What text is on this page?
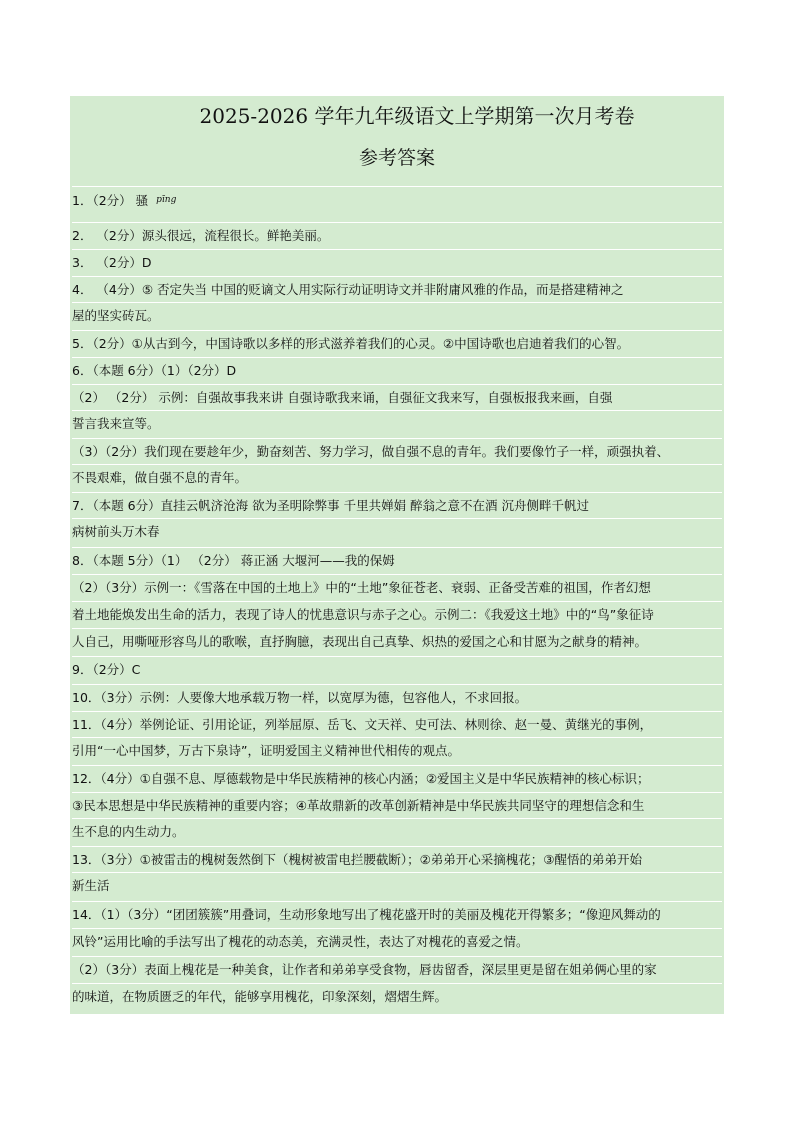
2025-2026 学年九年级语文上学期第一次月考卷
参考答案
1．（2分） 骚 $^{pīng}$
2． （2分）源头很远，流程很长。鲜艳美丽。
3． （2分）D
4． （4分）⑤ 否定失当 中国的贬谪文人用实际行动证明诗文并非附庸风雅的作品，而是搭建精神之
屋的坚实砖瓦。
5．（2分）①从古到今，中国诗歌以多样的形式滋养着我们的心灵。②中国诗歌也启迪着我们的心智。
6．（本题 6分）（1）（2分）D
（2） （2分） 示例：自强故事我来讲 自强诗歌我来诵，自强征文我来写，自强板报我来画，自强
誓言我来宣等。
（3）（2分）我们现在要趁年少，勤奋刻苦、努力学习，做自强不息的青年。我们要像竹子一样，顽强执着、
不畏艰难，做自强不息的青年。
7．（本题 6分）直挂云帆济沧海 欲为圣明除弊事 千里共婵娟 醉翁之意不在酒 沉舟侧畔千帆过
病树前头万木春
8．（本题 5分）（1） （2分） 蒋正涵 大堰河——我的保姆
（2）（3分）示例一：《雪落在中国的土地上》中的“土地”象征苍老、衰弱、正备受苦难的祖国，作者幻想
着土地能焕发出生命的活力，表现了诗人的忧患意识与赤子之心。示例二：《我爱这土地》中的“鸟”象征诗
人自己，用嘶哑形容鸟儿的歌喉，直抒胸臆，表现出自己真挚、炽热的爱国之心和甘愿为之献身的精神。
9．（2分）C
10．（3分）示例：人要像大地承载万物一样，以宽厚为德，包容他人，不求回报。
11．（4分）举例论证、引用论证，列举屈原、岳飞、文天祥、史可法、林则徐、赵一曼、黄继光的事例，
引用“一心中国梦，万古下泉诗”，证明爱国主义精神世代相传的观点。
12．（4分）①自强不息、厚德载物是中华民族精神的核心内涵；②爱国主义是中华民族精神的核心标识；
③民本思想是中华民族精神的重要内容；④革故鼎新的改革创新精神是中华民族共同坚守的理想信念和生
生不息的内生动力。
13．（3分）①被雷击的槐树轰然倒下（槐树被雷电拦腰截断）；②弟弟开心采摘槐花；③醒悟的弟弟开始
新生活
14．（1）（3分）“团团簇簇”用叠词，生动形象地写出了槐花盛开时的美丽及槐花开得繁多；“像迎风舞动的
风铃”运用比喻的手法写出了槐花的动态美，充满灵性，表达了对槐花的喜爱之情。
（2）（3分）表面上槐花是一种美食，让作者和弟弟享受食物，唇齿留香，深层里更是留在姐弟俩心里的家
的味道，在物质匮乏的年代，能够享用槐花，印象深刻，熠熠生辉。
